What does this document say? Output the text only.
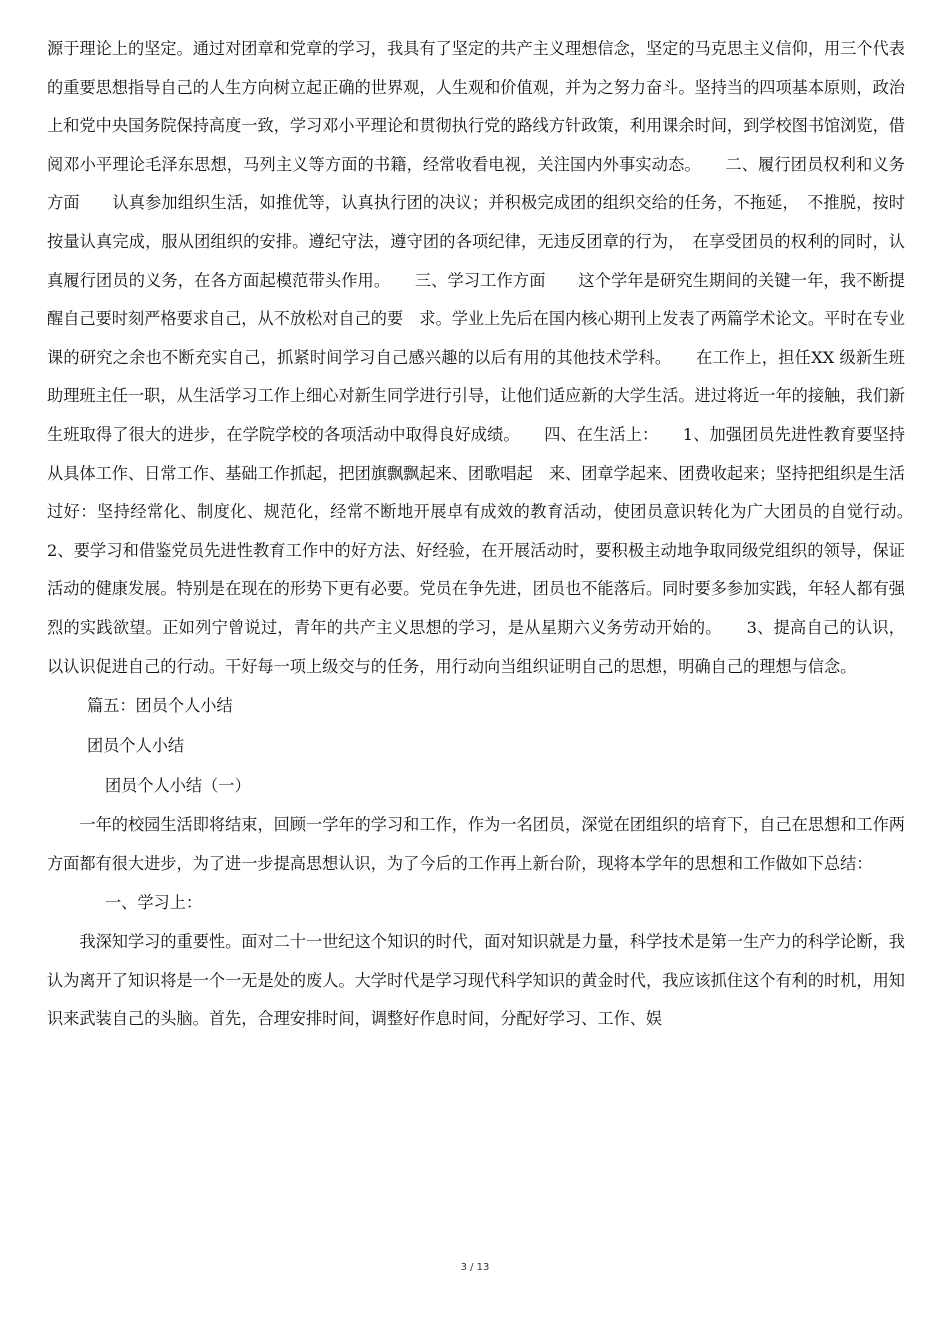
源于理论上的坚定。通过对团章和党章的学习，我具有了坚定的共产主义理想信念，坚定的马克思主义信仰，用三个代表的重要思想指导自己的人生方向树立起正确的世界观，人生观和价值观，并为之努力奋斗。坚持当的四项基本原则，政治上和党中央国务院保持高度一致，学习邓小平理论和贯彻执行党的路线方针政策，利用课余时间，到学校图书馆浏览，借阅邓小平理论毛泽东思想，马列主义等方面的书籍，经常收看电视，关注国内外事实动态。　　二、履行团员权利和义务方面　　认真参加组织生活，如推优等，认真执行团的决议；并积极完成团的组织交给的任务，不拖延，　不推脱，按时按量认真完成，服从团组织的安排。遵纪守法，遵守团的各项纪律，无违反团章的行为，　在享受团员的权利的同时，认真履行团员的义务，在各方面起模范带头作用。　　三、学习工作方面　　这个学年是研究生期间的关键一年，我不断提醒自己要时刻严格要求自己，从不放松对自己的要　求。学业上先后在国内核心期刊上发表了两篇学术论文。平时在专业课的研究之余也不断充实自己，抓紧时间学习自己感兴趣的以后有用的其他技术学科。　　在工作上，担任XX 级新生班助理班主任一职，从生活学习工作上细心对新生同学进行引导，让他们适应新的大学生活。进过将近一年的接触，我们新生班取得了很大的进步，在学院学校的各项活动中取得良好成绩。　　四、在生活上：　　1、加强团员先进性教育要坚持从具体工作、日常工作、基础工作抓起，把团旗飘飘起来、团歌唱起　来、团章学起来、团费收起来；坚持把组织是生活过好：坚持经常化、制度化、规范化，经常不断地开展卓有成效的教育活动，使团员意识转化为广大团员的自觉行动。　　2、要学习和借鉴党员先进性教育工作中的好方法、好经验，在开展活动时，要积极主动地争取同级党组织的领导，保证活动的健康发展。特别是在现在的形势下更有必要。党员在争先进，团员也不能落后。同时要多参加实践，年轻人都有强烈的实践欲望。正如列宁曾说过，青年的共产主义思想的学习，是从星期六义务劳动开始的。　　3、提高自己的认识，以认识促进自己的行动。干好每一项上级交与的任务，用行动向当组织证明自己的思想，明确自己的理想与信念。

篇五：团员个人小结

团员个人小结

团员个人小结（一）

一年的校园生活即将结束，回顾一学年的学习和工作，作为一名团员，深觉在团组织的培育下，自己在思想和工作两方面都有很大进步，为了进一步提高思想认识，为了今后的工作再上新台阶，现将本学年的思想和工作做如下总结：

一、学习上：

我深知学习的重要性。面对二十一世纪这个知识的时代，面对知识就是力量，科学技术是第一生产力的科学论断，我认为离开了知识将是一个一无是处的废人。大学时代是学习现代科学知识的黄金时代，我应该抓住这个有利的时机，用知识来武装自己的头脑。首先，合理安排时间，调整好作息时间，分配好学习、工作、娱

3 / 13
